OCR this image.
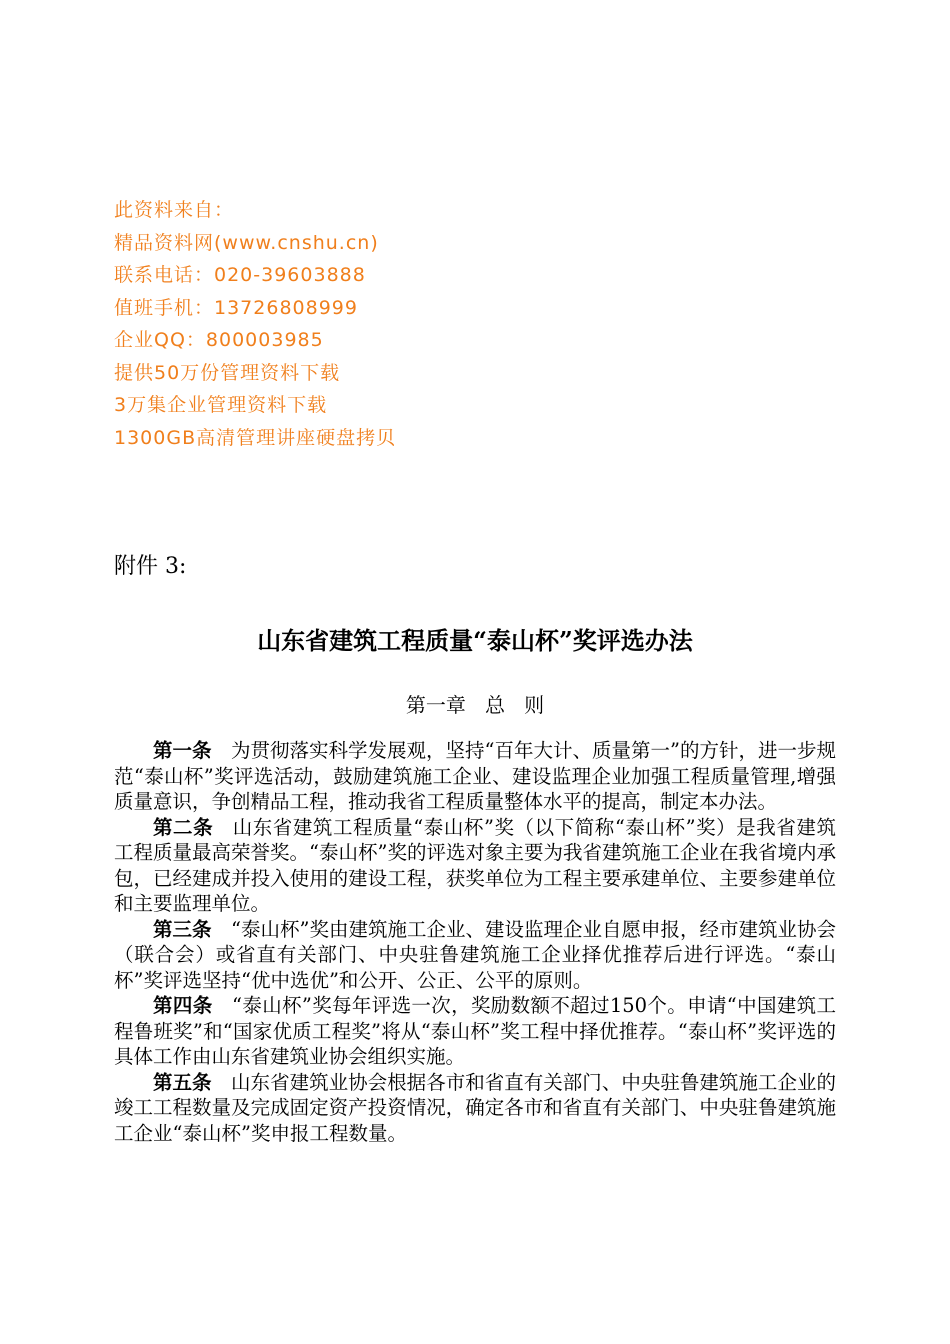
此资料来自：
精品资料网(www.cnshu.cn)
联系电话：020-39603888
值班手机：13726808999
企业QQ：800003985
提供50万份管理资料下载
3万集企业管理资料下载
1300GB高清管理讲座硬盘拷贝
附件 3:
山东省建筑工程质量“泰山杯”奖评选办法
第一章   总   则

第一条 为贯彻落实科学发展观，坚持“百年大计、质量第一”的方针，进一步规范“泰山杯”奖评选活动，鼓励建筑施工企业、建设监理企业加强工程质量管理,增强质量意识，争创精品工程，推动我省工程质量整体水平的提高，制定本办法。

第二条 山东省建筑工程质量“泰山杯”奖（以下简称“泰山杯”奖）是我省建筑工程质量最高荣誉奖。“泰山杯”奖的评选对象主要为我省建筑施工企业在我省境内承包，已经建成并投入使用的建设工程，获奖单位为工程主要承建单位、主要参建单位和主要监理单位。

第三条 “泰山杯”奖由建筑施工企业、建设监理企业自愿申报，经市建筑业协会（联合会）或省直有关部门、中央驻鲁建筑施工企业择优推荐后进行评选。“泰山杯”奖评选坚持“优中选优”和公开、公正、公平的原则。

第四条 “泰山杯”奖每年评选一次，奖励数额不超过150个。申请“中国建筑工程鲁班奖”和“国家优质工程奖”将从“泰山杯”奖工程中择优推荐。“泰山杯”奖评选的具体工作由山东省建筑业协会组织实施。

第五条 山东省建筑业协会根据各市和省直有关部门、中央驻鲁建筑施工企业的竣工工程数量及完成固定资产投资情况，确定各市和省直有关部门、中央驻鲁建筑施工企业“泰山杯”奖申报工程数量。
